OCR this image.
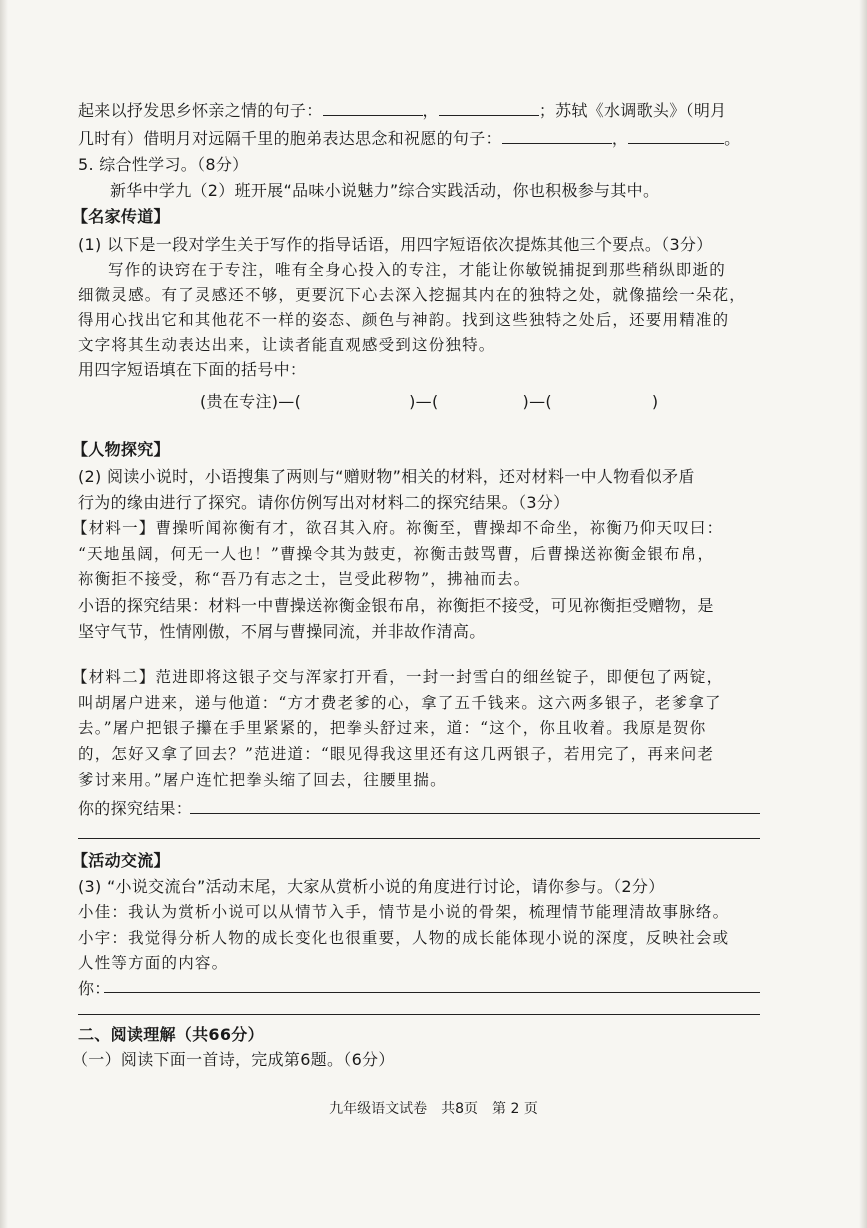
起来以抒发思乡怀亲之情的句子：	，	；苏轼《水调歌头》（明月
几时有）借明月对远隔千里的胞弟表达思念和祝愿的句子：	，	。
5. 综合性学习。（8分）
新华中学九（2）班开展“品味小说魅力”综合实践活动，你也积极参与其中。
【名家传道】
(1) 以下是一段对学生关于写作的指导话语，用四字短语依次提炼其他三个要点。（3分）
写作的诀窍在于专注，唯有全身心投入的专注，才能让你敏锐捕捉到那些稍纵即逝的
细微灵感。有了灵感还不够，更要沉下心去深入挖掘其内在的独特之处，就像描绘一朵花，
得用心找出它和其他花不一样的姿态、颜色与神韵。找到这些独特之处后，还要用精准的
文字将其生动表达出来，让读者能直观感受到这份独特。
用四字短语填在下面的括号中：
(贵在专注)—(	)—(	)—(	)
【人物探究】
(2) 阅读小说时，小语搜集了两则与“赠财物”相关的材料，还对材料一中人物看似矛盾
行为的缘由进行了探究。请你仿例写出对材料二的探究结果。（3分）
【材料一】曹操听闻祢衡有才，欲召其入府。祢衡至，曹操却不命坐，祢衡乃仰天叹曰：
“天地虽阔，何无一人也！”曹操令其为鼓吏，祢衡击鼓骂曹，后曹操送祢衡金银布帛，
祢衡拒不接受，称“吾乃有志之士，岂受此秽物”，拂袖而去。
小语的探究结果：材料一中曹操送祢衡金银布帛，祢衡拒不接受，可见祢衡拒受赠物，是
坚守气节，性情刚傲，不屑与曹操同流，并非故作清高。
【材料二】范进即将这银子交与浑家打开看，一封一封雪白的细丝锭子，即便包了两锭，
叫胡屠户进来，递与他道：“方才费老爹的心，拿了五千钱来。这六两多银子，老爹拿了
去。”屠户把银子攥在手里紧紧的，把拳头舒过来，道：“这个，你且收着。我原是贺你
的，怎好又拿了回去？”范进道：“眼见得我这里还有这几两银子，若用完了，再来问老
爹讨来用。”屠户连忙把拳头缩了回去，往腰里揣。
你的探究结果：
【活动交流】
(3) “小说交流台”活动末尾，大家从赏析小说的角度进行讨论，请你参与。（2分）
小佳：我认为赏析小说可以从情节入手，情节是小说的骨架，梳理情节能理清故事脉络。
小宇：我觉得分析人物的成长变化也很重要，人物的成长能体现小说的深度，反映社会或
人性等方面的内容。
你：
二、阅读理解（共66分）
（一）阅读下面一首诗，完成第6题。（6分）
九年级语文试卷　共8页　第 2 页
